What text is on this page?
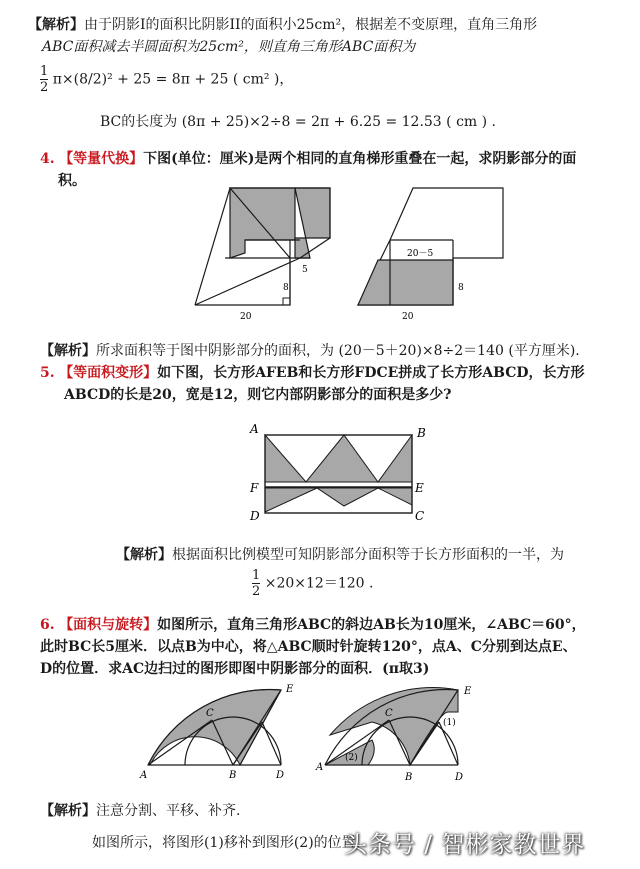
【解析】由于阴影I的面积比阴影II的面积小25cm²，根据差不变原理，直角三角形
ABC面积减去半圆面积为25cm²，则直角三角形ABC面积为
$\frac{1}{2} \pi\times(8/2)^2 + 25 = 8\pi + 25$ ( cm² )，
BC的长度为 (8π + 25)×2÷8 = 2π + 6.25 = 12.53 ( cm ) .
4. 【等量代换】下图(单位：厘米)是两个相同的直角梯形重叠在一起，求阴影部分的面
积。
5
8
20
20－5
8
20
【解析】所求面积等于图中阴影部分的面积，为 (20－5＋20)×8÷2＝140 (平方厘米).
5. 【等面积变形】如下图，长方形AFEB和长方形FDCE拼成了长方形ABCD，长方形
ABCD的长是20，宽是12，则它内部阴影部分的面积是多少?
A	B
F	E
D	C
【解析】根据面积比例模型可知阴影部分面积等于长方形面积的一半，为
$\frac{1}{2} \times 20\times 12=120$ .
6. 【面积与旋转】如图所示，直角三角形ABC的斜边AB长为10厘米，∠ABC＝60°，
此时BC长5厘米．以点B为中心，将△ABC顺时针旋转120°，点A、C分别到达点E、
D的位置．求AC边扫过的图形即图中阴影部分的面积．(π取3)
A	B
C
D
E
A
B
C
D
E
(1)
(2)
【解析】注意分割、平移、补齐.
如图所示，将图形(1)移补到图形(2)的位置，
头条号 / 智彬家教世界
